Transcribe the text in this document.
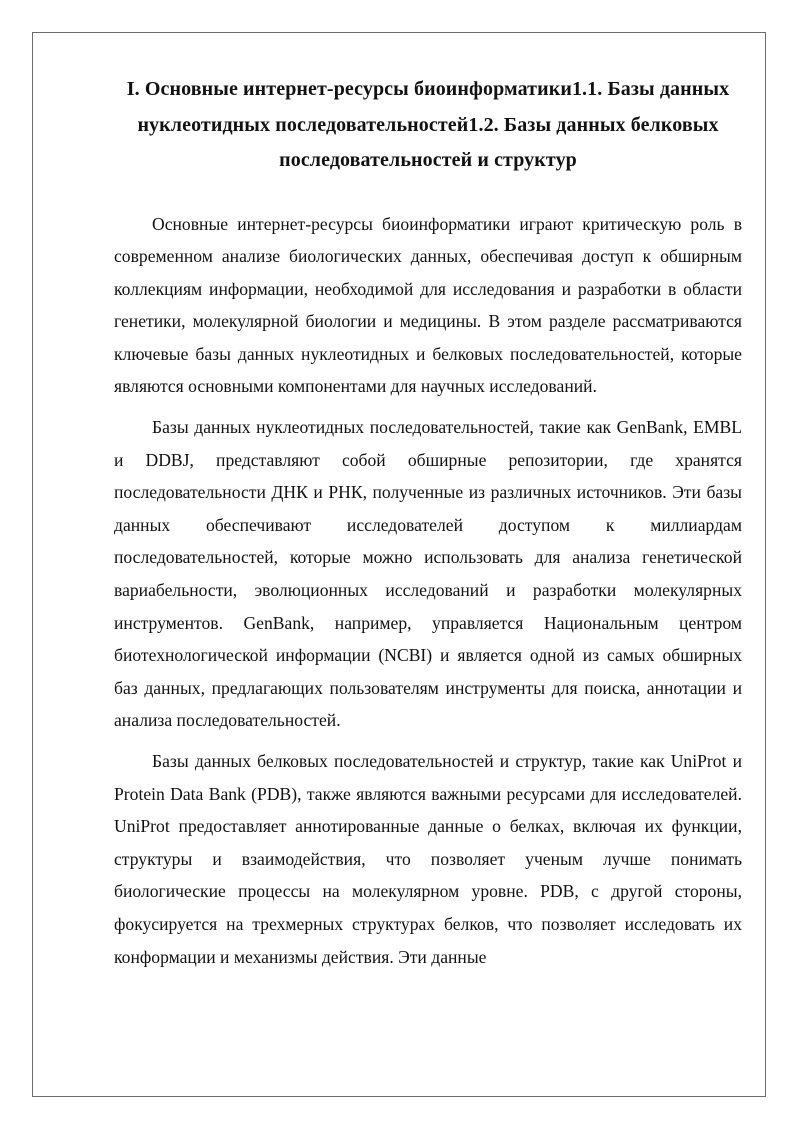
I. Основные интернет-ресурсы биоинформатики1.1. Базы данных нуклеотидных последовательностей1.2. Базы данных белковых последовательностей и структур

Основные интернет-ресурсы биоинформатики играют критическую роль в современном анализе биологических данных, обеспечивая доступ к обширным коллекциям информации, необходимой для исследования и разработки в области генетики, молекулярной биологии и медицины. В этом разделе рассматриваются ключевые базы данных нуклеотидных и белковых последовательностей, которые являются основными компонентами для научных исследований.

Базы данных нуклеотидных последовательностей, такие как GenBank, EMBL и DDBJ, представляют собой обширные репозитории, где хранятся последовательности ДНК и РНК, полученные из различных источников. Эти базы данных обеспечивают исследователей доступом к миллиардам последовательностей, которые можно использовать для анализа генетической вариабельности, эволюционных исследований и разработки молекулярных инструментов. GenBank, например, управляется Национальным центром биотехнологической информации (NCBI) и является одной из самых обширных баз данных, предлагающих пользователям инструменты для поиска, аннотации и анализа последовательностей.

Базы данных белковых последовательностей и структур, такие как UniProt и Protein Data Bank (PDB), также являются важными ресурсами для исследователей. UniProt предоставляет аннотированные данные о белках, включая их функции, структуры и взаимодействия, что позволяет ученым лучше понимать биологические процессы на молекулярном уровне. PDB, с другой стороны, фокусируется на трехмерных структурах белков, что позволяет исследовать их конформации и механизмы действия. Эти данные
